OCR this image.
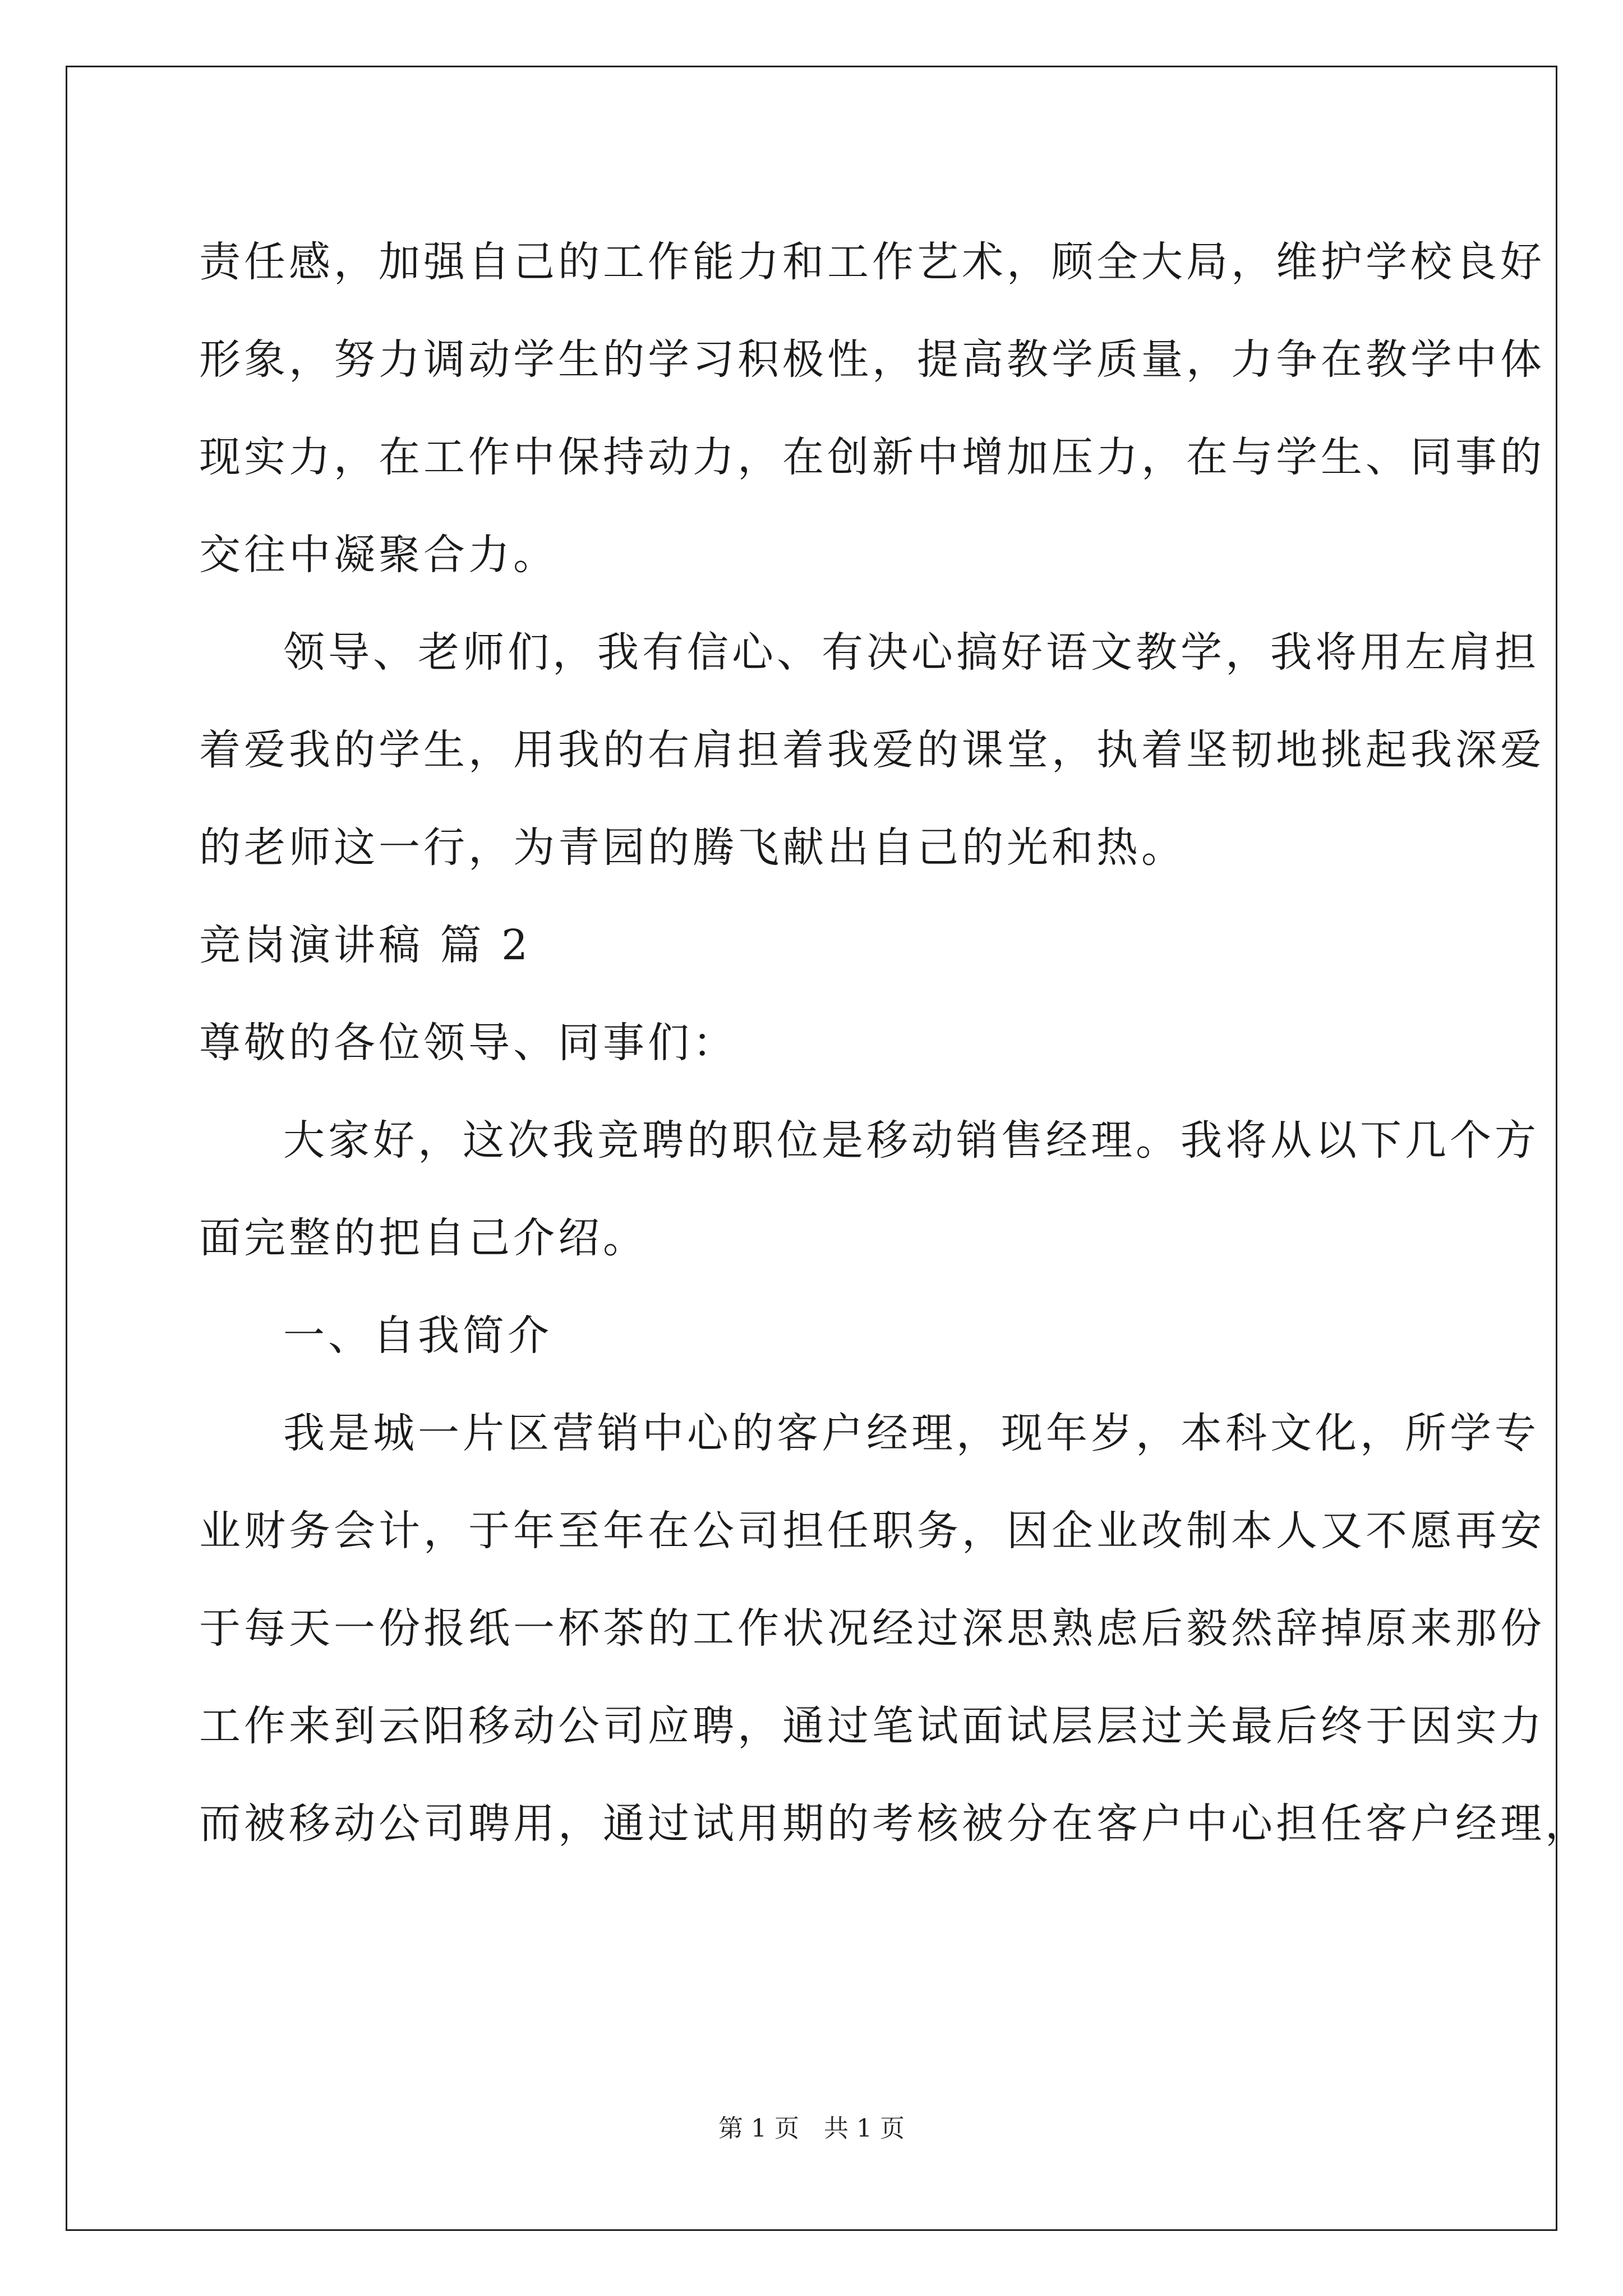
责任感，加强自己的工作能力和工作艺术，顾全大局，维护学校良好
形象，努力调动学生的学习积极性，提高教学质量，力争在教学中体
现实力，在工作中保持动力，在创新中增加压力，在与学生、同事的
交往中凝聚合力。
领导、老师们，我有信心、有决心搞好语文教学，我将用左肩担
着爱我的学生，用我的右肩担着我爱的课堂，执着坚韧地挑起我深爱
的老师这一行，为青园的腾飞献出自己的光和热。
竞岗演讲稿 篇 2
尊敬的各位领导、同事们：
大家好，这次我竞聘的职位是移动销售经理。我将从以下几个方
面完整的把自己介绍。
一、自我简介
我是城一片区营销中心的客户经理，现年岁，本科文化，所学专
业财务会计，于年至年在公司担任职务，因企业改制本人又不愿再安
于每天一份报纸一杯茶的工作状况经过深思熟虑后毅然辞掉原来那份
工作来到云阳移动公司应聘，通过笔试面试层层过关最后终于因实力
而被移动公司聘用，通过试用期的考核被分在客户中心担任客户经理，
第 1 页　共 1 页
